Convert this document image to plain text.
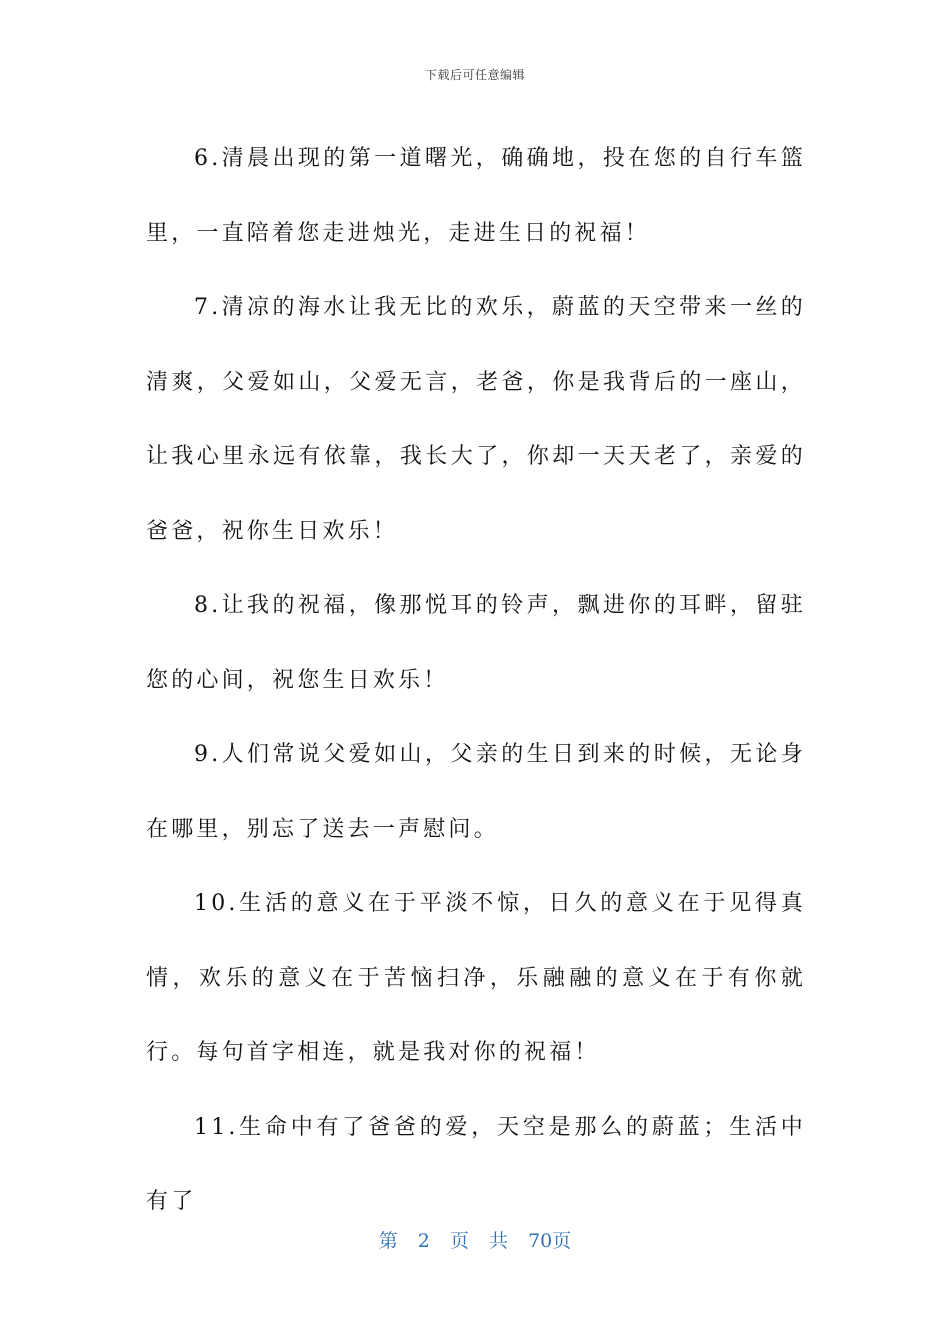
下载后可任意编辑

6.清晨出现的第一道曙光，确确地，投在您的自行车篮里，一直陪着您走进烛光，走进生日的祝福！

7.清凉的海水让我无比的欢乐，蔚蓝的天空带来一丝的清爽，父爱如山，父爱无言，老爸，你是我背后的一座山，让我心里永远有依靠，我长大了，你却一天天老了，亲爱的爸爸，祝你生日欢乐！

8.让我的祝福，像那悦耳的铃声，飘进你的耳畔，留驻您的心间，祝您生日欢乐！

9.人们常说父爱如山，父亲的生日到来的时候，无论身在哪里，别忘了送去一声慰问。

10.生活的意义在于平淡不惊，日久的意义在于见得真情，欢乐的意义在于苦恼扫净，乐融融的意义在于有你就行。每句首字相连，就是我对你的祝福！

11.生命中有了爸爸的爱，天空是那么的蔚蓝；生活中有了

第 2 页 共 70页
